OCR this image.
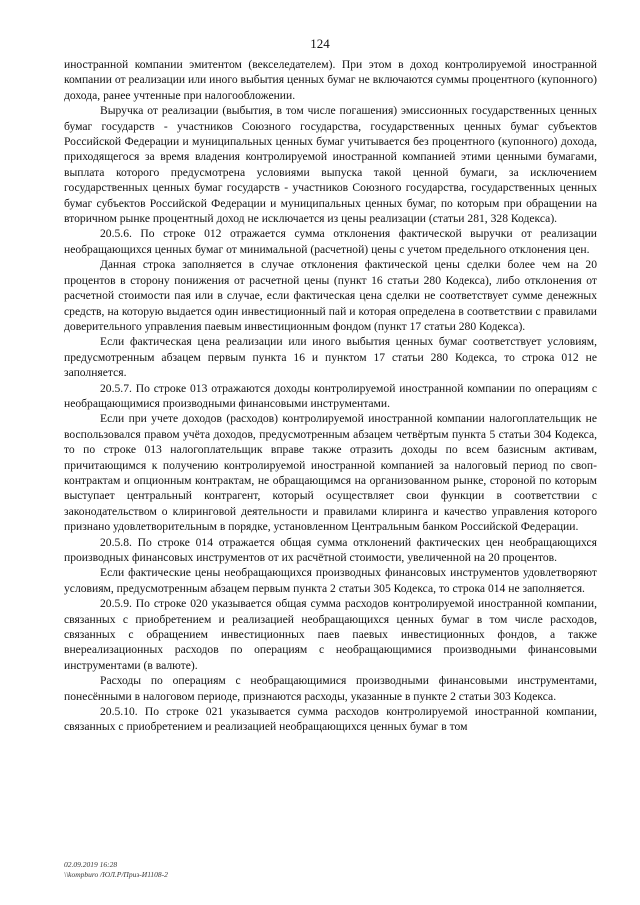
124

иностранной компании эмитентом (векселедателем). При этом в доход контролируемой иностранной компании от реализации или иного выбытия ценных бумаг не включаются суммы процентного (купонного) дохода, ранее учтенные при налогообложении.

Выручка от реализации (выбытия, в том числе погашения) эмиссионных государственных ценных бумаг государств - участников Союзного государства, государственных ценных бумаг субъектов Российской Федерации и муниципальных ценных бумаг учитывается без процентного (купонного) дохода, приходящегося за время владения контролируемой иностранной компанией этими ценными бумагами, выплата которого предусмотрена условиями выпуска такой ценной бумаги, за исключением государственных ценных бумаг государств - участников Союзного государства, государственных ценных бумаг субъектов Российской Федерации и муниципальных ценных бумаг, по которым при обращении на вторичном рынке процентный доход не исключается из цены реализации (статьи 281, 328 Кодекса).

20.5.6. По строке 012 отражается сумма отклонения фактической выручки от реализации необращающихся ценных бумаг от минимальной (расчетной) цены с учетом предельного отклонения цен.

Данная строка заполняется в случае отклонения фактической цены сделки более чем на 20 процентов в сторону понижения от расчетной цены (пункт 16 статьи 280 Кодекса), либо отклонения от расчетной стоимости пая или в случае, если фактическая цена сделки не соответствует сумме денежных средств, на которую выдается один инвестиционный пай и которая определена в соответствии с правилами доверительного управления паевым инвестиционным фондом (пункт 17 статьи 280 Кодекса).

Если фактическая цена реализации или иного выбытия ценных бумаг соответствует условиям, предусмотренным абзацем первым пункта 16 и пунктом 17 статьи 280 Кодекса, то строка 012 не заполняется.

20.5.7. По строке 013 отражаются доходы контролируемой иностранной компании по операциям с необращающимися производными финансовыми инструментами.

Если при учете доходов (расходов) контролируемой иностранной компании налогоплательщик не воспользовался правом учёта доходов, предусмотренным абзацем четвёртым пункта 5 статьи 304 Кодекса, то по строке 013 налогоплательщик вправе также отразить доходы по всем базисным активам, причитающимся к получению контролируемой иностранной компанией за налоговый период по своп-контрактам и опционным контрактам, не обращающимся на организованном рынке, стороной по которым выступает центральный контрагент, который осуществляет свои функции в соответствии с законодательством о клиринговой деятельности и правилами клиринга и качество управления которого признано удовлетворительным в порядке, установленном Центральным банком Российской Федерации.

20.5.8. По строке 014 отражается общая сумма отклонений фактических цен необращающихся производных финансовых инструментов от их расчётной стоимости, увеличенной на 20 процентов.

Если фактические цены необращающихся производных финансовых инструментов удовлетворяют условиям, предусмотренным абзацем первым пункта 2 статьи 305 Кодекса, то строка 014 не заполняется.

20.5.9. По строке 020 указывается общая сумма расходов контролируемой иностранной компании, связанных с приобретением и реализацией необращающихся ценных бумаг в том числе расходов, связанных с обращением инвестиционных паев паевых инвестиционных фондов, а также внереализационных расходов по операциям с необращающимися производными финансовыми инструментами (в валюте).

Расходы по операциям с необращающимися производными финансовыми инструментами, понесёнными в налоговом периоде, признаются расходы, указанные в пункте 2 статьи 303 Кодекса.

20.5.10. По строке 021 указывается сумма расходов контролируемой иностранной компании, связанных с приобретением и реализацией необращающихся ценных бумаг в том

02.09.2019 16:28
\\kompburo /ЮЛ.Р/Приз-И1108-2
